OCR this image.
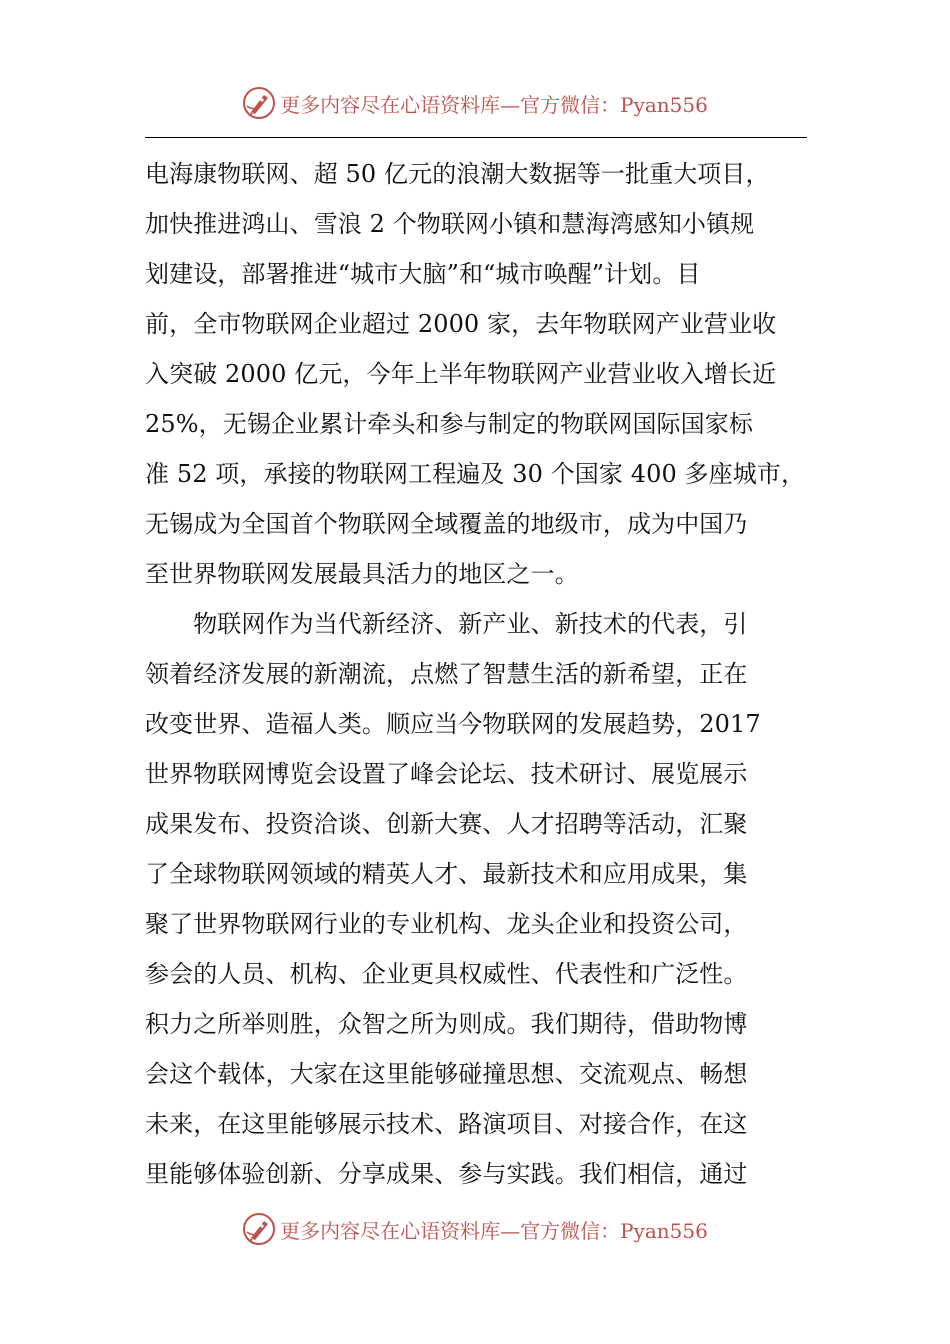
更多内容尽在心语资料库—官方微信：Pyan556
电海康物联网、超 50 亿元的浪潮大数据等一批重大项目，
加快推进鸿山、雪浪 2 个物联网小镇和慧海湾感知小镇规
划建设，部署推进“城市大脑”和“城市唤醒”计划。目
前，全市物联网企业超过 2000 家，去年物联网产业营业收
入突破 2000 亿元，今年上半年物联网产业营业收入增长近
25%，无锡企业累计牵头和参与制定的物联网国际国家标
准 52 项，承接的物联网工程遍及 30 个国家 400 多座城市，
无锡成为全国首个物联网全域覆盖的地级市，成为中国乃
至世界物联网发展最具活力的地区之一。
　　物联网作为当代新经济、新产业、新技术的代表，引
领着经济发展的新潮流，点燃了智慧生活的新希望，正在
改变世界、造福人类。顺应当今物联网的发展趋势，2017
世界物联网博览会设置了峰会论坛、技术研讨、展览展示
成果发布、投资洽谈、创新大赛、人才招聘等活动，汇聚
了全球物联网领域的精英人才、最新技术和应用成果，集
聚了世界物联网行业的专业机构、龙头企业和投资公司，
参会的人员、机构、企业更具权威性、代表性和广泛性。
积力之所举则胜，众智之所为则成。我们期待，借助物博
会这个载体，大家在这里能够碰撞思想、交流观点、畅想
未来，在这里能够展示技术、路演项目、对接合作，在这
里能够体验创新、分享成果、参与实践。我们相信，通过
更多内容尽在心语资料库—官方微信：Pyan556
